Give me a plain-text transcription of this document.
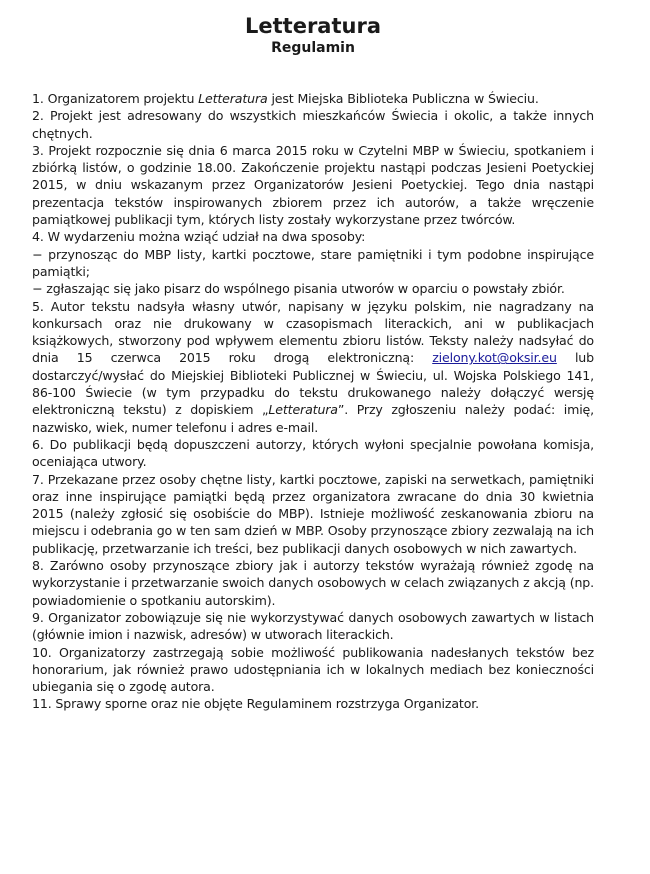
Letteratura
Regulamin

1. Organizatorem projektu Letteratura jest Miejska Biblioteka Publiczna w Świeciu.

2. Projekt jest adresowany do wszystkich mieszkańców Świecia i okolic, a także innych chętnych.

3. Projekt rozpocznie się dnia 6 marca 2015 roku w Czytelni MBP w Świeciu, spotkaniem i zbiórką listów, o godzinie 18.00. Zakończenie projektu nastąpi podczas Jesieni Poetyckiej 2015, w dniu wskazanym przez Organizatorów Jesieni Poetyckiej. Tego dnia nastąpi prezentacja tekstów inspirowanych zbiorem przez ich autorów, a także wręczenie pamiątkowej publikacji tym, których listy zostały wykorzystane przez twórców.

4. W wydarzeniu można wziąć udział na dwa sposoby:

− przynosząc do MBP listy, kartki pocztowe, stare pamiętniki i tym podobne inspirujące pamiątki;

− zgłaszając się jako pisarz do wspólnego pisania utworów w oparciu o powstały zbiór.

5. Autor tekstu nadsyła własny utwór, napisany w języku polskim, nie nagradzany na konkursach oraz nie drukowany w czasopismach literackich, ani w publikacjach książkowych, stworzony pod wpływem elementu zbioru listów. Teksty należy nadsyłać do dnia 15 czerwca 2015 roku drogą elektroniczną: zielony.kot@oksir.eu lub dostarczyć/wysłać do Miejskiej Biblioteki Publicznej w Świeciu, ul. Wojska Polskiego 141, 86-100 Świecie (w tym przypadku do tekstu drukowanego należy dołączyć wersję elektroniczną tekstu) z dopiskiem „Letteratura”. Przy zgłoszeniu należy podać: imię, nazwisko, wiek, numer telefonu i adres e-mail.

6. Do publikacji będą dopuszczeni autorzy, których wyłoni specjalnie powołana komisja, oceniająca utwory.

7. Przekazane przez osoby chętne listy, kartki pocztowe, zapiski na serwetkach, pamiętniki oraz inne inspirujące pamiątki będą przez organizatora zwracane do dnia 30 kwietnia 2015 (należy zgłosić się osobiście do MBP). Istnieje możliwość zeskanowania zbioru na miejscu i odebrania go w ten sam dzień w MBP. Osoby przynoszące zbiory zezwalają na ich publikację, przetwarzanie ich treści, bez publikacji danych osobowych w nich zawartych.

8. Zarówno osoby przynoszące zbiory jak i autorzy tekstów wyrażają również zgodę na wykorzystanie i przetwarzanie swoich danych osobowych w celach związanych z akcją (np. powiadomienie o spotkaniu autorskim).

9. Organizator zobowiązuje się nie wykorzystywać danych osobowych zawartych w listach (głównie imion i nazwisk, adresów) w utworach literackich.

10. Organizatorzy zastrzegają sobie możliwość publikowania nadesłanych tekstów bez honorarium, jak również prawo udostępniania ich w lokalnych mediach bez konieczności ubiegania się o zgodę autora.

11. Sprawy sporne oraz nie objęte Regulaminem rozstrzyga Organizator.
